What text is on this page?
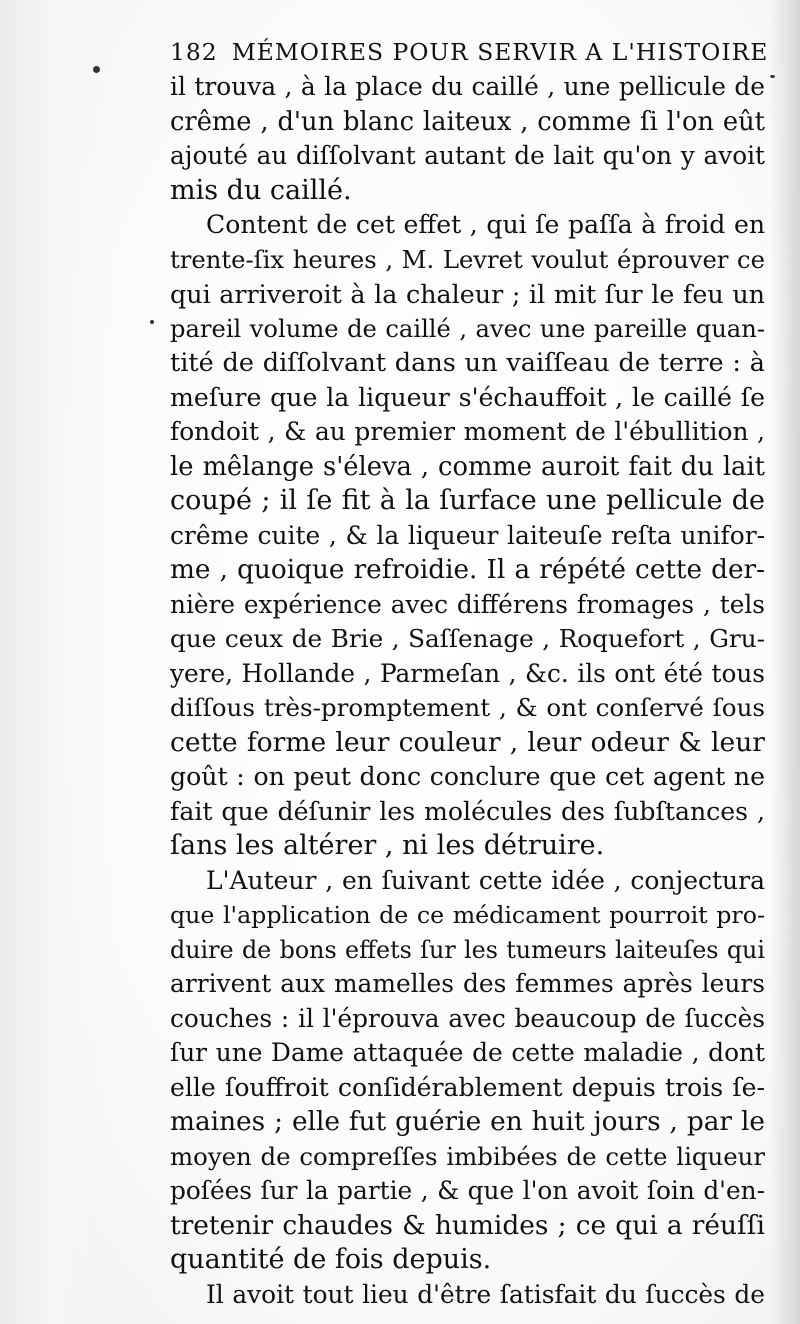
182 MÉMOIRES POUR SERVIR A L'HISTOIRE
il trouva , à la place du caillé , une pellicule de
crême , d'un blanc laiteux , comme ſi l'on eût
ajouté au diſſolvant autant de lait qu'on y avoit
mis du caillé.
Content de cet effet , qui ſe paſſa à froid en
trente-ſix heures , M. Levret voulut éprouver ce
qui arriveroit à la chaleur ; il mit ſur le feu un
pareil volume de caillé , avec une pareille quan-
tité de diſſolvant dans un vaiſſeau de terre : à
meſure que la liqueur s'échauffoit , le caillé ſe
fondoit , & au premier moment de l'ébullition ,
le mêlange s'éleva , comme auroit fait du lait
coupé ; il ſe fit à la ſurface une pellicule de
crême cuite , & la liqueur laiteuſe reſta unifor-
me , quoique refroidie. Il a répété cette der-
nière expérience avec différens fromages , tels
que ceux de Brie , Saſſenage , Roquefort , Gru-
yere, Hollande , Parmeſan , &c. ils ont été tous
diſſous très-promptement , & ont conſervé ſous
cette forme leur couleur , leur odeur & leur
goût : on peut donc conclure que cet agent ne
fait que déſunir les molécules des ſubſtances ,
ſans les altérer , ni les détruire.
L'Auteur , en ſuivant cette idée , conjectura
que l'application de ce médicament pourroit pro-
duire de bons effets ſur les tumeurs laiteuſes qui
arrivent aux mamelles des femmes après leurs
couches : il l'éprouva avec beaucoup de ſuccès
ſur une Dame attaquée de cette maladie , dont
elle ſouffroit conſidérablement depuis trois ſe-
maines ; elle fut guérie en huit jours , par le
moyen de compreſſes imbibées de cette liqueur
poſées ſur la partie , & que l'on avoit ſoin d'en-
tretenir chaudes & humides ; ce qui a réuſſi
quantité de fois depuis.
Il avoit tout lieu d'être ſatisfait du ſuccès de
